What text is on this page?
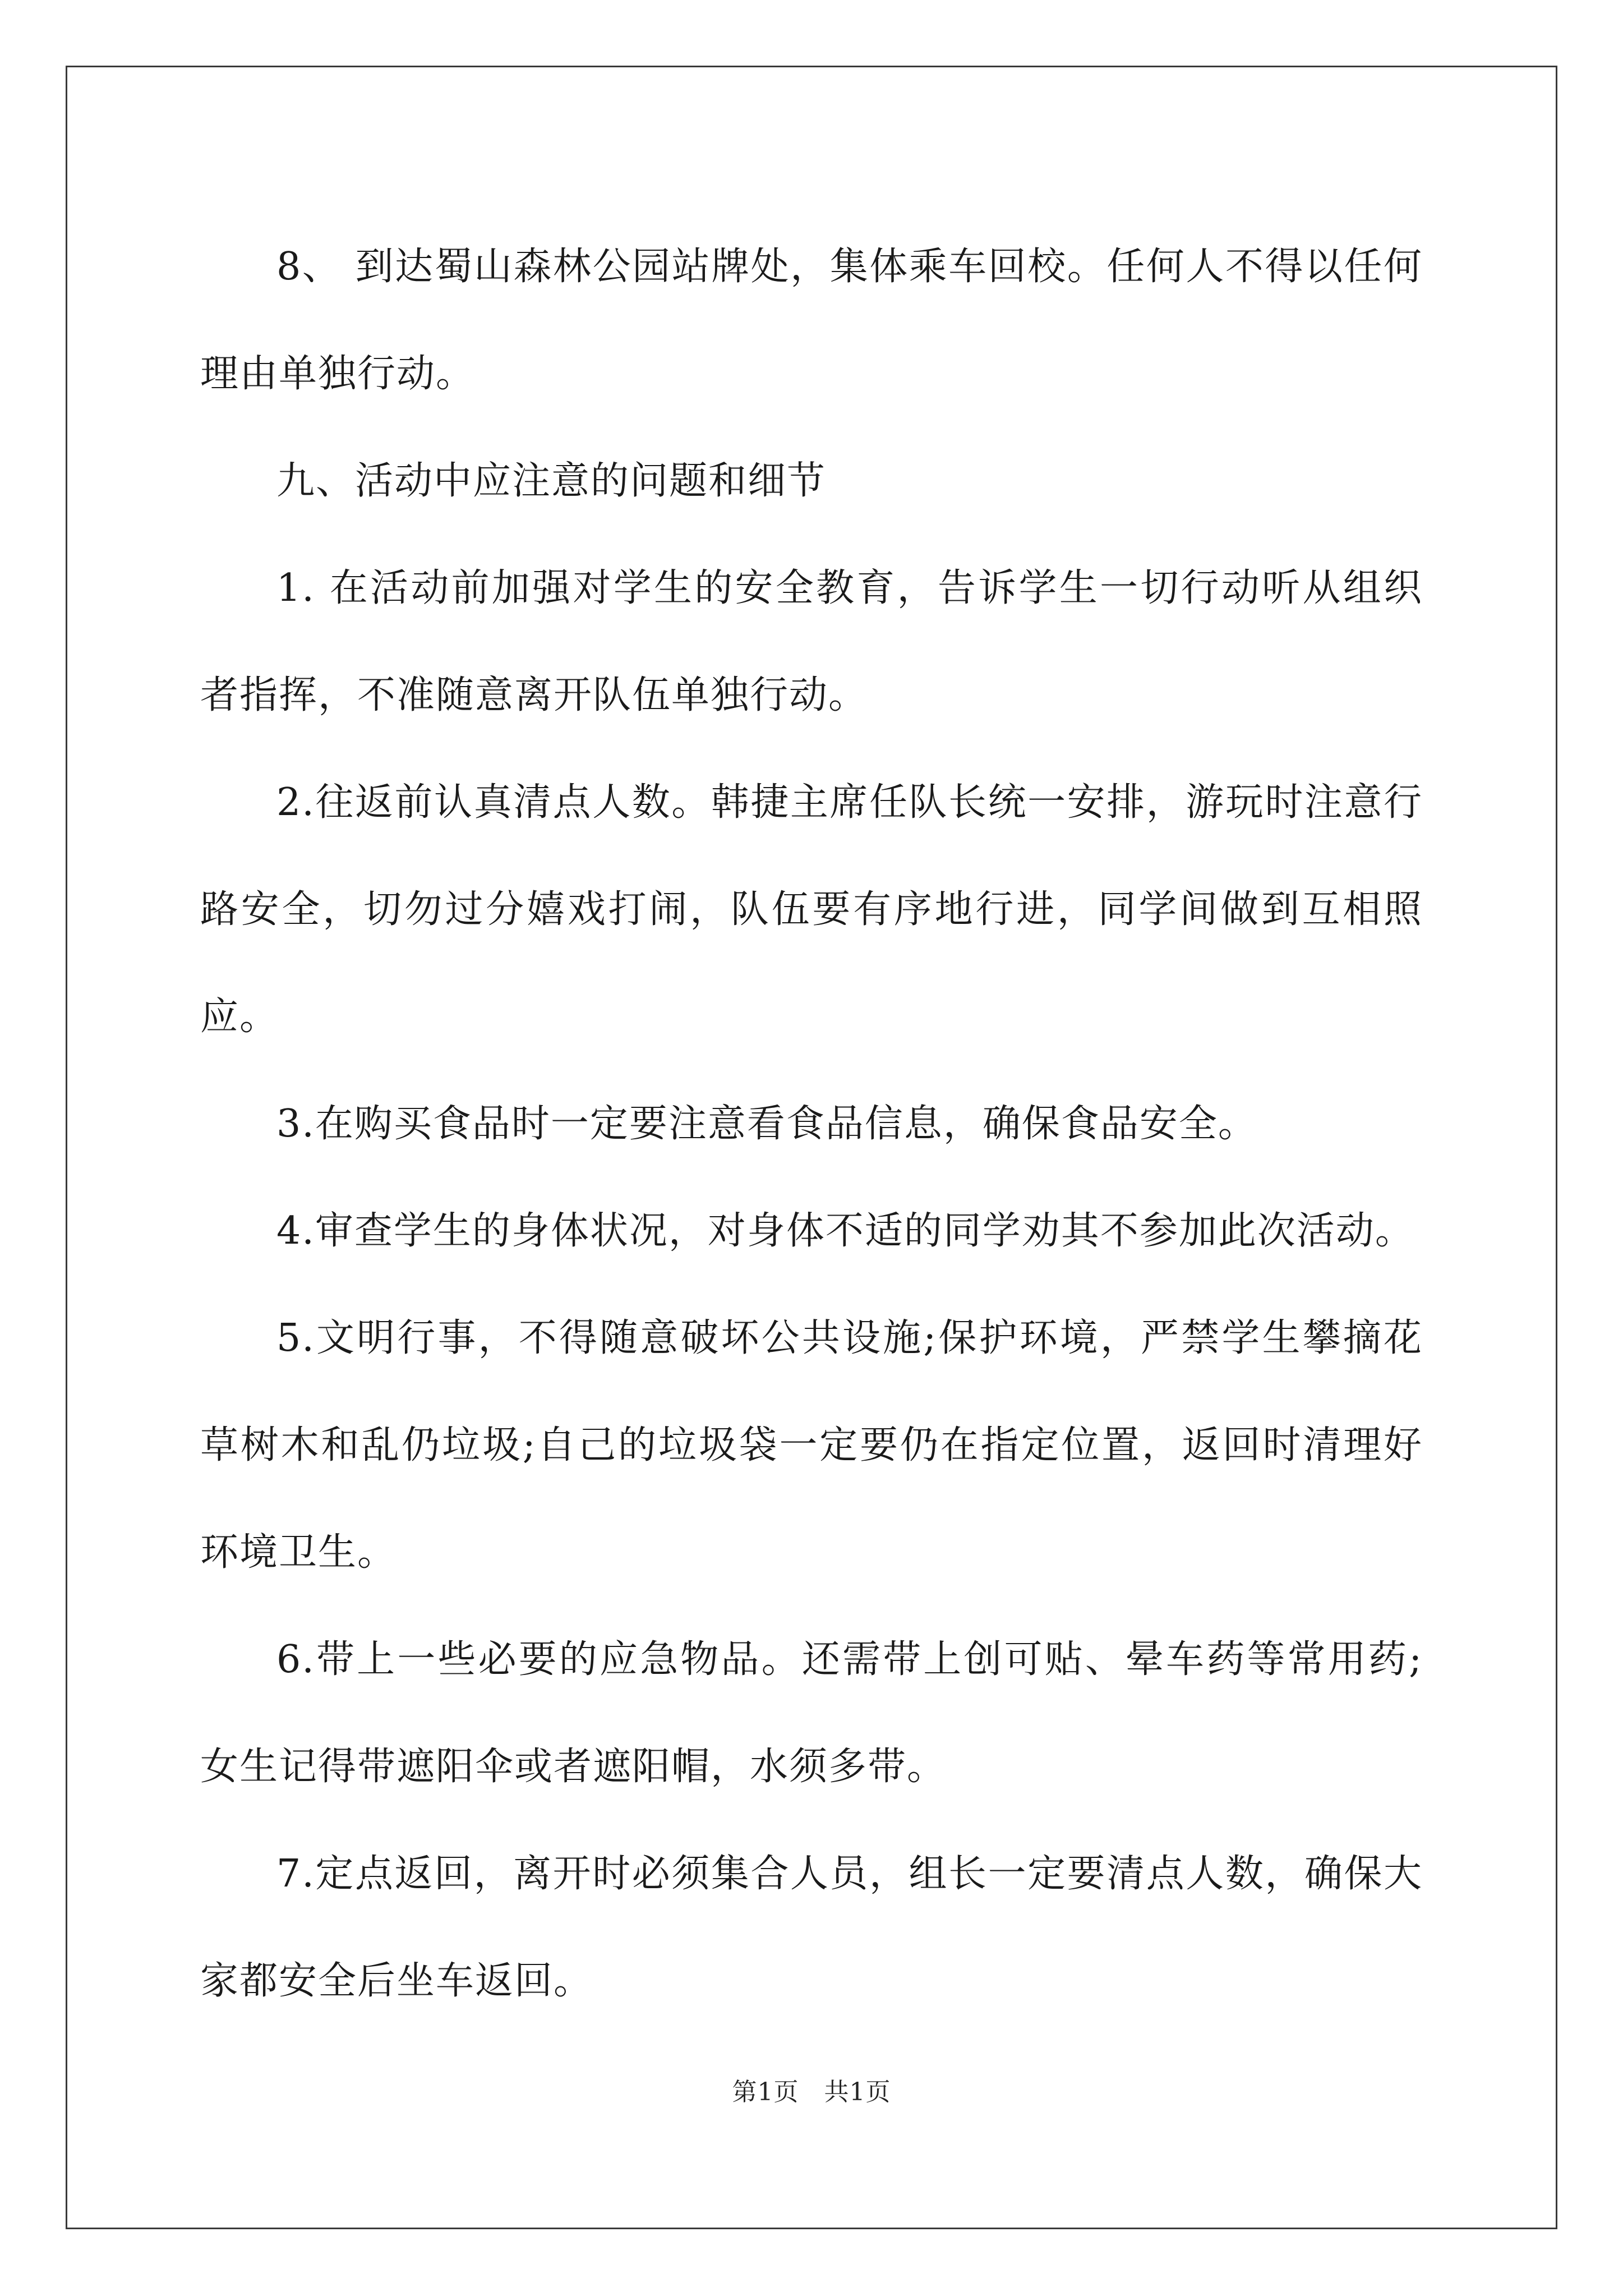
8、 到达蜀山森林公园站牌处，集体乘车回校。任何人不得以任何理由单独行动。

九、活动中应注意的问题和细节

1. 在活动前加强对学生的安全教育，告诉学生一切行动听从组织者指挥，不准随意离开队伍单独行动。

2.往返前认真清点人数。韩捷主席任队长统一安排，游玩时注意行路安全，切勿过分嬉戏打闹，队伍要有序地行进，同学间做到互相照应。

3.在购买食品时一定要注意看食品信息，确保食品安全。

4.审查学生的身体状况，对身体不适的同学劝其不参加此次活动。

5.文明行事，不得随意破坏公共设施;保护环境，严禁学生攀摘花草树木和乱仍垃圾;自己的垃圾袋一定要仍在指定位置，返回时清理好环境卫生。

6.带上一些必要的应急物品。还需带上创可贴、晕车药等常用药;女生记得带遮阳伞或者遮阳帽，水须多带。

7.定点返回，离开时必须集合人员，组长一定要清点人数，确保大家都安全后坐车返回。

第1页   共1页
